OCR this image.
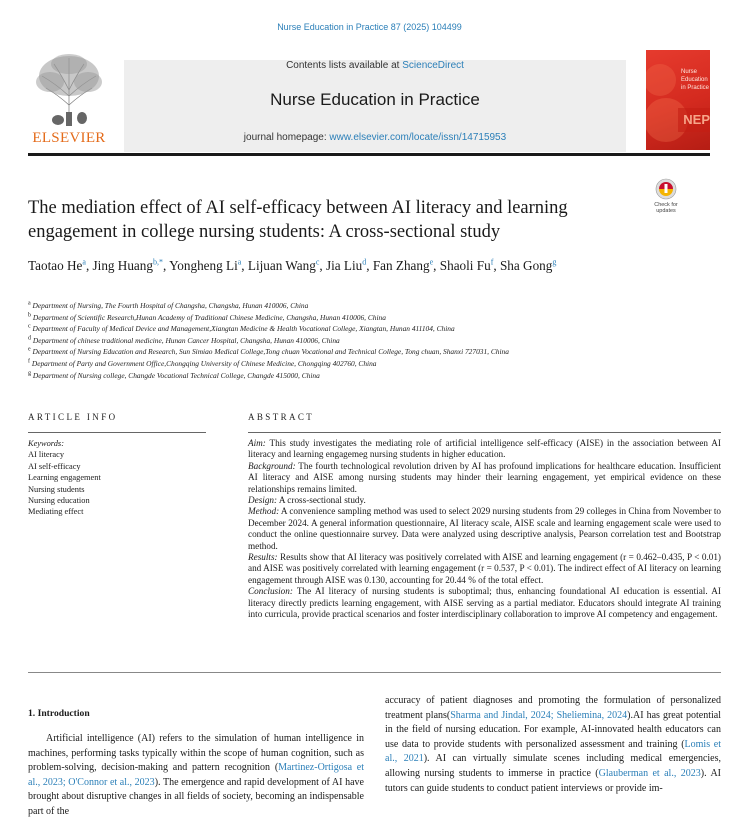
Nurse Education in Practice 87 (2025) 104499
ELSEVIER
Contents lists available at ScienceDirect
Nurse Education in Practice
journal homepage: www.elsevier.com/locate/issn/14715953
Nurse Education in Practice
NEP
The mediation effect of AI self-efficacy between AI literacy and learning engagement in college nursing students: A cross-sectional study
Check for
updates
Taotao He$^a$, Jing Huang$^{b,*}$, Yongheng Li$^a$, Lijuan Wang$^c$, Jia Liu$^d$, Fan Zhang$^e$, Shaoli Fu$^f$, Sha Gong$^g$
$^a$ Department of Nursing, The Fourth Hospital of Changsha, Changsha, Hunan 410006, China
$^b$ Department of Scientific Research,Hunan Academy of Traditional Chinese Medicine, Changsha, Hunan 410006, China
$^c$ Department of Faculty of Medical Device and Management,Xiangtan Medicine & Health Vocational College, Xiangtan, Hunan 411104, China
$^d$ Department of chinese traditional medicine, Hunan Cancer Hospital, Changsha, Hunan 410006, China
$^e$ Department of Nursing Education and Research, Sun Simiao Medical College,Tong chuan Vocational and Technical College, Tong chuan, Shanxi 727031, China
$^f$ Department of Party and Government Office,Chongqing University of Chinese Medicine, Chongqing 402760, China
$^g$ Department of Nursing college, Changde Vocational Technical College, Changde 415000, China
ARTICLE INFO	ABSTRACT
Keywords:
AI literacy
AI self-efficacy
Learning engagement
Nursing students
Nursing education
Mediating effect

Aim: This study investigates the mediating role of artificial intelligence self-efficacy (AISE) in the association between AI literacy and learning engagemeg nursing students in higher education.

Background: The fourth technological revolution driven by AI has profound implications for healthcare education. Insufficient AI literacy and AISE among nursing students may hinder their learning engagement, yet empirical evidence on these relationships remains limited.

Design: A cross-sectional study.

Method: A convenience sampling method was used to select 2029 nursing students from 29 colleges in China from November to December 2024. A general information questionnaire, AI literacy scale, AISE scale and learning engagement scale were used to conduct the online questionnaire survey. Data were analyzed using descriptive analysis, Pearson correlation test and Bootstrap method.

Results: Results show that AI literacy was positively correlated with AISE and learning engagement (r = 0.462–0.435, P < 0.01) and AISE was positively correlated with learning engagement (r = 0.537, P < 0.01). The indirect effect of AI literacy on learning engagement through AISE was 0.130, accounting for 20.44 % of the total effect.

Conclusion: The AI literacy of nursing students is suboptimal; thus, enhancing foundational AI education is essential. AI literacy directly predicts learning engagement, with AISE serving as a partial mediator. Educators should integrate AI training into curricula, provide practical scenarios and foster interdisciplinary collaboration to improve AI competency and engagement.

1. Introduction
Artificial intelligence (AI) refers to the simulation of human intelligence in machines, performing tasks typically within the scope of human cognition, such as problem-solving, decision-making and pattern recognition (Martinez-Ortigosa et al., 2023; O'Connor et al., 2023). The emergence and rapid development of AI have brought about disruptive changes in all fields of society, becoming an indispensable part of the
accuracy of patient diagnoses and promoting the formulation of personalized treatment plans(Sharma and Jindal, 2024; Sheliemina, 2024).AI has great potential in the field of nursing education. For example, AI-innovated health educators can use data to provide students with personalized assessment and training (Lomis et al., 2021). AI can virtually simulate scenes including medical emergencies, allowing nursing students to immerse in practice (Glauberman et al., 2023). AI tutors can guide students to conduct patient interviews or provide im-
